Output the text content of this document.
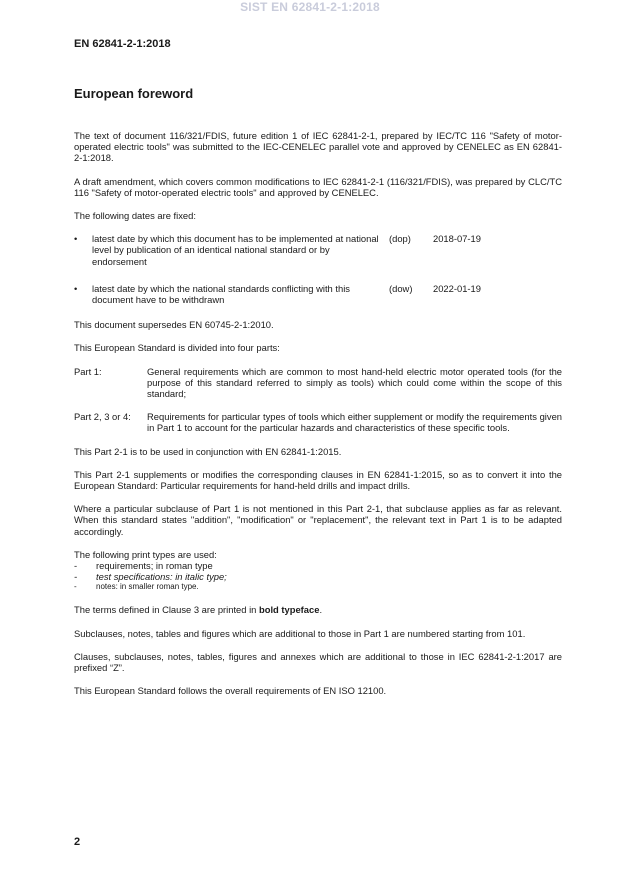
SIST EN 62841-2-1:2018
EN 62841-2-1:2018
European foreword

The text of document 116/321/FDIS, future edition 1 of IEC 62841-2-1, prepared by IEC/TC 116 "Safety of motor-operated electric tools" was submitted to the IEC-CENELEC parallel vote and approved by CENELEC as EN 62841-2-1:2018.

A draft amendment, which covers common modifications to IEC 62841-2-1 (116/321/FDIS), was prepared by CLC/TC 116 "Safety of motor-operated electric tools" and approved by CENELEC.

The following dates are fixed:

• latest date by which this document has to be implemented at national level by publication of an identical national standard or by endorsement
(dop) 2018-07-19
• latest date by which the national standards conflicting with this document have to be withdrawn
(dow) 2022-01-19

This document supersedes EN 60745-2-1:2010.

This European Standard is divided into four parts:

Part 1:	General requirements which are common to most hand-held electric motor operated tools (for the purpose of this standard referred to simply as tools) which could come within the scope of this standard;
Part 2, 3 or 4: Requirements for particular types of tools which either supplement or modify the requirements given in Part 1 to account for the particular hazards and characteristics of these specific tools.

This Part 2-1 is to be used in conjunction with EN 62841-1:2015.

This Part 2-1 supplements or modifies the corresponding clauses in EN 62841-1:2015, so as to convert it into the European Standard: Particular requirements for hand-held drills and impact drills.

Where a particular subclause of Part 1 is not mentioned in this Part 2-1, that subclause applies as far as relevant. When this standard states "addition", "modification" or "replacement", the relevant text in Part 1 is to be adapted accordingly.

The following print types are used:
- requirements; in roman type
- test specifications: in italic type;
- notes: in smaller roman type.

The terms defined in Clause 3 are printed in bold typeface.

Subclauses, notes, tables and figures which are additional to those in Part 1 are numbered starting from 101.

Clauses, subclauses, notes, tables, figures and annexes which are additional to those in IEC 62841-2-1:2017 are prefixed “Z”.

This European Standard follows the overall requirements of EN ISO 12100.

2
